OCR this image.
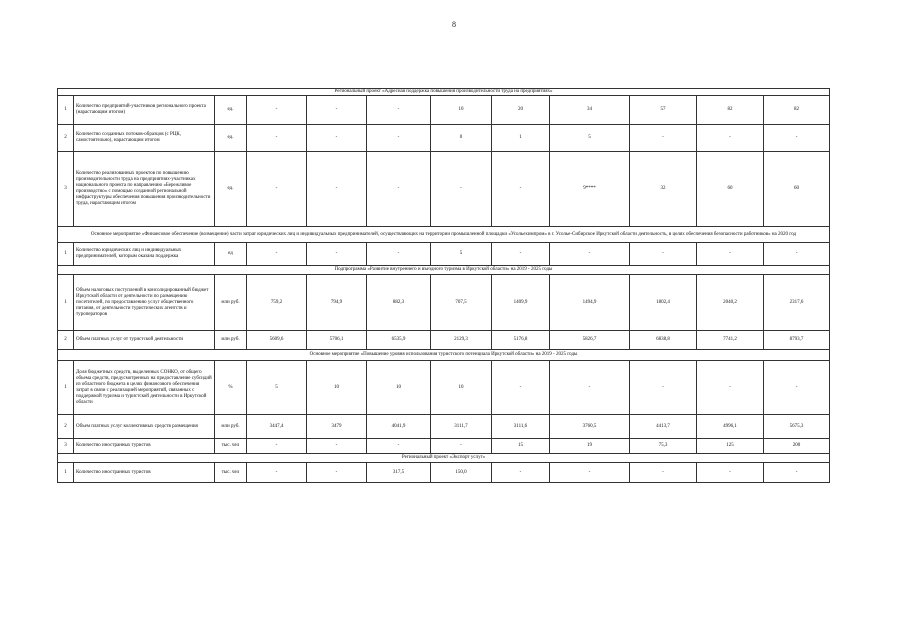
8
Региональный проект «Адресная поддержка повышения производительности труда на предприятиях»											
1	Количество предприятий-участников регионального проекта (нарастающим итогом)	ед.	-	-	-	10	20	34	57	82	82
2	Количество созданных потоков-образцов (с РЦК, самостоятельно), нарастающим итогом	ед.	-	-	-	0	1	5	-	-	-
3	Количество реализованных проектов по повышению производительности труда на предприятиях-участниках национального проекта по направлению «Бережливое производство» с помощью созданной региональной инфраструктуры обеспечения повышения производительности труда, нарастающим итогом	ед.	-	-	-	-	-	9****	32	60	60
Основное мероприятие «Финансовое обеспечение (возмещение) части затрат юридических лиц и индивидуальных предпринимателей, осуществляющих на территории промышленной площадки «Усольехимпром» в г. Усолье-Сибирское Иркутской области деятельность, в целях обеспечения безопасности работников» на 2020 год											
1	Количество юридических лиц и индивидуальных предпринимателей, которым оказана поддержка	ед	-	-	-	5	-	-	-	-	-
Подпрограмма «Развитие внутреннего и въездного туризма в Иркутской области» на 2019 - 2025 годы											
1	Объем налоговых поступлений в консолидированный бюджет Иркутской области от деятельности по размещению посетителей, по предоставлению услуг общественного питания, от деятельности туристических агентств и туроператоров	млн руб.	759,2	794,9	882,3	707,5	1409,9	1494,9	1802,4	2040,2	2317,6
2	Объем платных услуг от туристской деятельности	млн руб.	5609,6	5706,1	6535,9	2129,3	5176,8	5826,7	6838,8	7741,2	8793,7
Основное мероприятие «Повышение уровня использования туристского потенциала Иркутской области» на 2019 - 2025 годы											
1	Доля бюджетных средств, выделенных СОНКО, от общего объема средств, предусмотренных на предоставление субсидий из областного бюджета в целях финансового обеспечения затрат в связи с реализацией мероприятий, связанных с поддержкой туризма и туристской деятельности в Иркутской области	%	5	10	10	10	-	-	-	-	-
2	Объем платных услуг коллективных средств размещения	млн руб.	3447,4	3479	4041,9	3111,7	3111,6	3760,5	4413,7	4996,1	5675,3
3	Количество иностранных туристов	тыс. чел	-	-	-	-	15	19	75,3	125	200
Региональный проект «Экспорт услуг»											
1	Количество иностранных туристов	тыс. чел	-	-	317,5	150,0	-	-	-	-	-
